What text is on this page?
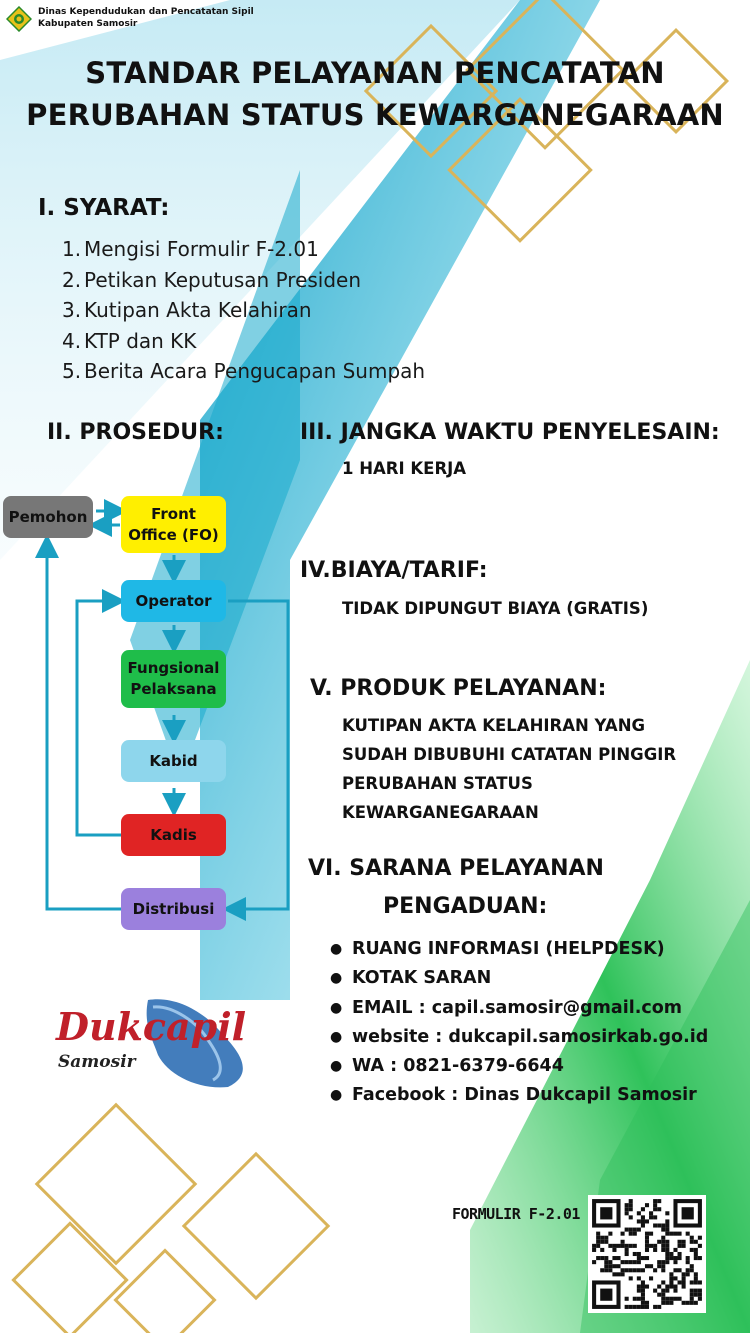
Dinas Kependudukan dan Pencatatan Sipil
Kabupaten Samosir
STANDAR PELAYANAN PENCATATAN
PERUBAHAN STATUS KEWARGANEGARAAN
I. SYARAT:
1. Mengisi Formulir F-2.01
2. Petikan Keputusan Presiden
3. Kutipan Akta Kelahiran
4. KTP dan KK
5. Berita Acara Pengucapan Sumpah
II. PROSEDUR:
Pemohon	Front
Office (FO)
Operator
Fungsional
Pelaksana
Kabid
Kadis
Distribusi
III. JANGKA WAKTU PENYELESAIN:
1 HARI KERJA
IV.BIAYA/TARIF:
TIDAK DIPUNGUT BIAYA (GRATIS)
V. PRODUK PELAYANAN:
KUTIPAN AKTA KELAHIRAN YANG
SUDAH DIBUBUHI CATATAN PINGGIR
PERUBAHAN STATUS
KEWARGANEGARAAN
VI. SARANA PELAYANAN
PENGADUAN:
● RUANG INFORMASI (HELPDESK)
● KOTAK SARAN
● EMAIL : capil.samosir@gmail.com
● website : dukcapil.samosirkab.go.id
● WA : 0821-6379-6644
● Facebook : Dinas Dukcapil Samosir
Dukcapil
Samosir
FORMULIR F-2.01
